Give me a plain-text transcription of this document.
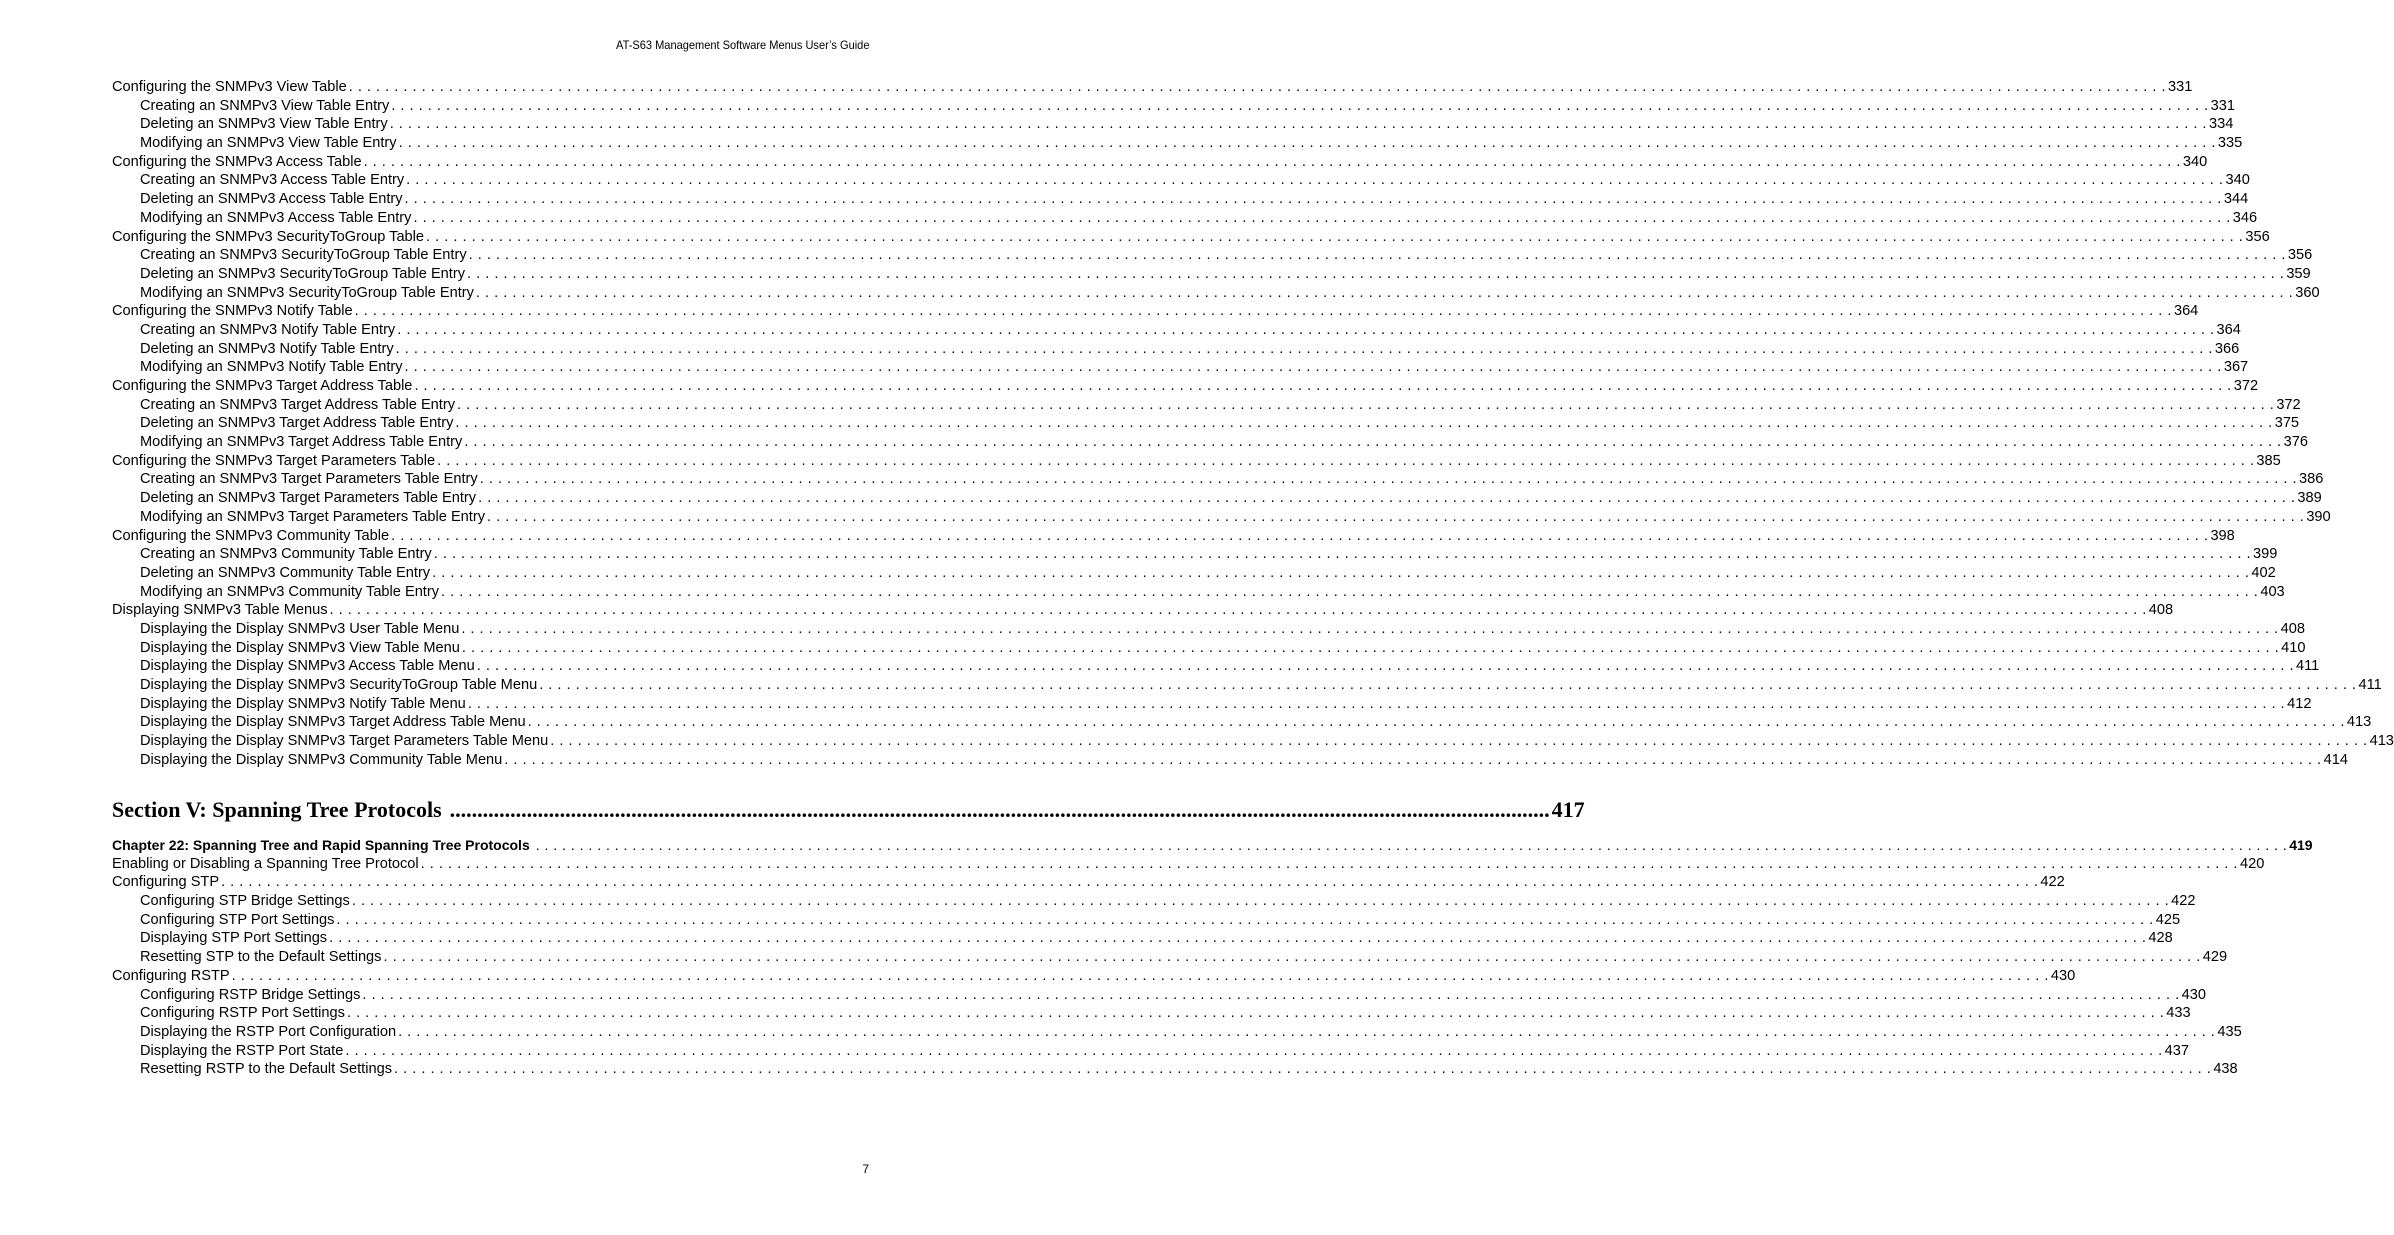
AT-S63 Management Software Menus User’s Guide
Configuring the SNMPv3 View Table . . . . . . . . . . . . . . . . . . . . . . . . . . . . . . . . . . . . . . . . . . . . . . . . . . . . . . . . . . . . . . . . . . . . . . . . . . . . . . . . . . . . . . . . . . . . . . . . . . . . . . . . . . . . . . . . . . . . . . . . . . . . . . . . . . . . . . . . . . . . . . . . . . . . . . . . . . . . . . . . . . . . . . . . . . . . . . . . . . . . . . . . . . . . . . . . . . . . . . . . 331
Creating an SNMPv3 View Table Entry . . . . . . . . . . . . . . . . . . . . . . . . . . . . . . . . . . . . . . . . . . . . . . . . . . . . . . . . . . . . . . . . . . . . . . . . . . . . . . . . . . . . . . . . . . . . . . . . . . . . . . . . . . . . . . . . . . . . . . . . . . . . . . . . . . . . . . . . . . . . . . . . . . . . . . . . . . . . . . . . . . . . . . . . . . . . . . . . . . . . . . . . . . . . . . . . . . . . . . . . 331
Deleting an SNMPv3 View Table Entry . . . . . . . . . . . . . . . . . . . . . . . . . . . . . . . . . . . . . . . . . . . . . . . . . . . . . . . . . . . . . . . . . . . . . . . . . . . . . . . . . . . . . . . . . . . . . . . . . . . . . . . . . . . . . . . . . . . . . . . . . . . . . . . . . . . . . . . . . . . . . . . . . . . . . . . . . . . . . . . . . . . . . . . . . . . . . . . . . . . . . . . . . . . . . . . . . . . . . . . . 334
Modifying an SNMPv3 View Table Entry . . . . . . . . . . . . . . . . . . . . . . . . . . . . . . . . . . . . . . . . . . . . . . . . . . . . . . . . . . . . . . . . . . . . . . . . . . . . . . . . . . . . . . . . . . . . . . . . . . . . . . . . . . . . . . . . . . . . . . . . . . . . . . . . . . . . . . . . . . . . . . . . . . . . . . . . . . . . . . . . . . . . . . . . . . . . . . . . . . . . . . . . . . . . . . . . . . . . . . . . 335
Configuring the SNMPv3 Access Table . . . . . . . . . . . . . . . . . . . . . . . . . . . . . . . . . . . . . . . . . . . . . . . . . . . . . . . . . . . . . . . . . . . . . . . . . . . . . . . . . . . . . . . . . . . . . . . . . . . . . . . . . . . . . . . . . . . . . . . . . . . . . . . . . . . . . . . . . . . . . . . . . . . . . . . . . . . . . . . . . . . . . . . . . . . . . . . . . . . . . . . . . . . . . . . . . . . . . . . . 340
Creating an SNMPv3 Access Table Entry . . . . . . . . . . . . . . . . . . . . . . . . . . . . . . . . . . . . . . . . . . . . . . . . . . . . . . . . . . . . . . . . . . . . . . . . . . . . . . . . . . . . . . . . . . . . . . . . . . . . . . . . . . . . . . . . . . . . . . . . . . . . . . . . . . . . . . . . . . . . . . . . . . . . . . . . . . . . . . . . . . . . . . . . . . . . . . . . . . . . . . . . . . . . . . . . . . . . . . . . 340
Deleting an SNMPv3 Access Table Entry . . . . . . . . . . . . . . . . . . . . . . . . . . . . . . . . . . . . . . . . . . . . . . . . . . . . . . . . . . . . . . . . . . . . . . . . . . . . . . . . . . . . . . . . . . . . . . . . . . . . . . . . . . . . . . . . . . . . . . . . . . . . . . . . . . . . . . . . . . . . . . . . . . . . . . . . . . . . . . . . . . . . . . . . . . . . . . . . . . . . . . . . . . . . . . . . . . . . . . . . 344
Modifying an SNMPv3 Access Table Entry . . . . . . . . . . . . . . . . . . . . . . . . . . . . . . . . . . . . . . . . . . . . . . . . . . . . . . . . . . . . . . . . . . . . . . . . . . . . . . . . . . . . . . . . . . . . . . . . . . . . . . . . . . . . . . . . . . . . . . . . . . . . . . . . . . . . . . . . . . . . . . . . . . . . . . . . . . . . . . . . . . . . . . . . . . . . . . . . . . . . . . . . . . . . . . . . . . . . . . . . 346
Configuring the SNMPv3 SecurityToGroup Table . . . . . . . . . . . . . . . . . . . . . . . . . . . . . . . . . . . . . . . . . . . . . . . . . . . . . . . . . . . . . . . . . . . . . . . . . . . . . . . . . . . . . . . . . . . . . . . . . . . . . . . . . . . . . . . . . . . . . . . . . . . . . . . . . . . . . . . . . . . . . . . . . . . . . . . . . . . . . . . . . . . . . . . . . . . . . . . . . . . . . . . . . . . . . . . . . . . . . . . . 356
Creating an SNMPv3 SecurityToGroup Table Entry . . . . . . . . . . . . . . . . . . . . . . . . . . . . . . . . . . . . . . . . . . . . . . . . . . . . . . . . . . . . . . . . . . . . . . . . . . . . . . . . . . . . . . . . . . . . . . . . . . . . . . . . . . . . . . . . . . . . . . . . . . . . . . . . . . . . . . . . . . . . . . . . . . . . . . . . . . . . . . . . . . . . . . . . . . . . . . . . . . . . . . . . . . . . . . . . . . . . . . . . 356
Deleting an SNMPv3 SecurityToGroup Table Entry . . . . . . . . . . . . . . . . . . . . . . . . . . . . . . . . . . . . . . . . . . . . . . . . . . . . . . . . . . . . . . . . . . . . . . . . . . . . . . . . . . . . . . . . . . . . . . . . . . . . . . . . . . . . . . . . . . . . . . . . . . . . . . . . . . . . . . . . . . . . . . . . . . . . . . . . . . . . . . . . . . . . . . . . . . . . . . . . . . . . . . . . . . . . . . . . . . . . . . . . 359
Modifying an SNMPv3 SecurityToGroup Table Entry . . . . . . . . . . . . . . . . . . . . . . . . . . . . . . . . . . . . . . . . . . . . . . . . . . . . . . . . . . . . . . . . . . . . . . . . . . . . . . . . . . . . . . . . . . . . . . . . . . . . . . . . . . . . . . . . . . . . . . . . . . . . . . . . . . . . . . . . . . . . . . . . . . . . . . . . . . . . . . . . . . . . . . . . . . . . . . . . . . . . . . . . . . . . . . . . . . . . . . . . 360
Configuring the SNMPv3 Notify Table . . . . . . . . . . . . . . . . . . . . . . . . . . . . . . . . . . . . . . . . . . . . . . . . . . . . . . . . . . . . . . . . . . . . . . . . . . . . . . . . . . . . . . . . . . . . . . . . . . . . . . . . . . . . . . . . . . . . . . . . . . . . . . . . . . . . . . . . . . . . . . . . . . . . . . . . . . . . . . . . . . . . . . . . . . . . . . . . . . . . . . . . . . . . . . . . . . . . . . . . 364
Creating an SNMPv3 Notify Table Entry . . . . . . . . . . . . . . . . . . . . . . . . . . . . . . . . . . . . . . . . . . . . . . . . . . . . . . . . . . . . . . . . . . . . . . . . . . . . . . . . . . . . . . . . . . . . . . . . . . . . . . . . . . . . . . . . . . . . . . . . . . . . . . . . . . . . . . . . . . . . . . . . . . . . . . . . . . . . . . . . . . . . . . . . . . . . . . . . . . . . . . . . . . . . . . . . . . . . . . . . 364
Deleting an SNMPv3 Notify Table Entry . . . . . . . . . . . . . . . . . . . . . . . . . . . . . . . . . . . . . . . . . . . . . . . . . . . . . . . . . . . . . . . . . . . . . . . . . . . . . . . . . . . . . . . . . . . . . . . . . . . . . . . . . . . . . . . . . . . . . . . . . . . . . . . . . . . . . . . . . . . . . . . . . . . . . . . . . . . . . . . . . . . . . . . . . . . . . . . . . . . . . . . . . . . . . . . . . . . . . . . . 366
Modifying an SNMPv3 Notify Table Entry . . . . . . . . . . . . . . . . . . . . . . . . . . . . . . . . . . . . . . . . . . . . . . . . . . . . . . . . . . . . . . . . . . . . . . . . . . . . . . . . . . . . . . . . . . . . . . . . . . . . . . . . . . . . . . . . . . . . . . . . . . . . . . . . . . . . . . . . . . . . . . . . . . . . . . . . . . . . . . . . . . . . . . . . . . . . . . . . . . . . . . . . . . . . . . . . . . . . . . . . 367
Configuring the SNMPv3 Target Address Table . . . . . . . . . . . . . . . . . . . . . . . . . . . . . . . . . . . . . . . . . . . . . . . . . . . . . . . . . . . . . . . . . . . . . . . . . . . . . . . . . . . . . . . . . . . . . . . . . . . . . . . . . . . . . . . . . . . . . . . . . . . . . . . . . . . . . . . . . . . . . . . . . . . . . . . . . . . . . . . . . . . . . . . . . . . . . . . . . . . . . . . . . . . . . . . . . . . . . . . . 372
Creating an SNMPv3 Target Address Table Entry . . . . . . . . . . . . . . . . . . . . . . . . . . . . . . . . . . . . . . . . . . . . . . . . . . . . . . . . . . . . . . . . . . . . . . . . . . . . . . . . . . . . . . . . . . . . . . . . . . . . . . . . . . . . . . . . . . . . . . . . . . . . . . . . . . . . . . . . . . . . . . . . . . . . . . . . . . . . . . . . . . . . . . . . . . . . . . . . . . . . . . . . . . . . . . . . . . . . . . . . 372
Deleting an SNMPv3 Target Address Table Entry . . . . . . . . . . . . . . . . . . . . . . . . . . . . . . . . . . . . . . . . . . . . . . . . . . . . . . . . . . . . . . . . . . . . . . . . . . . . . . . . . . . . . . . . . . . . . . . . . . . . . . . . . . . . . . . . . . . . . . . . . . . . . . . . . . . . . . . . . . . . . . . . . . . . . . . . . . . . . . . . . . . . . . . . . . . . . . . . . . . . . . . . . . . . . . . . . . . . . . . . 375
Modifying an SNMPv3 Target Address Table Entry . . . . . . . . . . . . . . . . . . . . . . . . . . . . . . . . . . . . . . . . . . . . . . . . . . . . . . . . . . . . . . . . . . . . . . . . . . . . . . . . . . . . . . . . . . . . . . . . . . . . . . . . . . . . . . . . . . . . . . . . . . . . . . . . . . . . . . . . . . . . . . . . . . . . . . . . . . . . . . . . . . . . . . . . . . . . . . . . . . . . . . . . . . . . . . . . . . . . . . . . 376
Configuring the SNMPv3 Target Parameters Table . . . . . . . . . . . . . . . . . . . . . . . . . . . . . . . . . . . . . . . . . . . . . . . . . . . . . . . . . . . . . . . . . . . . . . . . . . . . . . . . . . . . . . . . . . . . . . . . . . . . . . . . . . . . . . . . . . . . . . . . . . . . . . . . . . . . . . . . . . . . . . . . . . . . . . . . . . . . . . . . . . . . . . . . . . . . . . . . . . . . . . . . . . . . . . . . . . . . . . . . 385
Creating an SNMPv3 Target Parameters Table Entry . . . . . . . . . . . . . . . . . . . . . . . . . . . . . . . . . . . . . . . . . . . . . . . . . . . . . . . . . . . . . . . . . . . . . . . . . . . . . . . . . . . . . . . . . . . . . . . . . . . . . . . . . . . . . . . . . . . . . . . . . . . . . . . . . . . . . . . . . . . . . . . . . . . . . . . . . . . . . . . . . . . . . . . . . . . . . . . . . . . . . . . . . . . . . . . . . . . . . . . . 386
Deleting an SNMPv3 Target Parameters Table Entry . . . . . . . . . . . . . . . . . . . . . . . . . . . . . . . . . . . . . . . . . . . . . . . . . . . . . . . . . . . . . . . . . . . . . . . . . . . . . . . . . . . . . . . . . . . . . . . . . . . . . . . . . . . . . . . . . . . . . . . . . . . . . . . . . . . . . . . . . . . . . . . . . . . . . . . . . . . . . . . . . . . . . . . . . . . . . . . . . . . . . . . . . . . . . . . . . . . . . . . . 389
Modifying an SNMPv3 Target Parameters Table Entry . . . . . . . . . . . . . . . . . . . . . . . . . . . . . . . . . . . . . . . . . . . . . . . . . . . . . . . . . . . . . . . . . . . . . . . . . . . . . . . . . . . . . . . . . . . . . . . . . . . . . . . . . . . . . . . . . . . . . . . . . . . . . . . . . . . . . . . . . . . . . . . . . . . . . . . . . . . . . . . . . . . . . . . . . . . . . . . . . . . . . . . . . . . . . . . . . . . . . . . . 390
Configuring the SNMPv3 Community Table . . . . . . . . . . . . . . . . . . . . . . . . . . . . . . . . . . . . . . . . . . . . . . . . . . . . . . . . . . . . . . . . . . . . . . . . . . . . . . . . . . . . . . . . . . . . . . . . . . . . . . . . . . . . . . . . . . . . . . . . . . . . . . . . . . . . . . . . . . . . . . . . . . . . . . . . . . . . . . . . . . . . . . . . . . . . . . . . . . . . . . . . . . . . . . . . . . . . . . . . 398
Creating an SNMPv3 Community Table Entry . . . . . . . . . . . . . . . . . . . . . . . . . . . . . . . . . . . . . . . . . . . . . . . . . . . . . . . . . . . . . . . . . . . . . . . . . . . . . . . . . . . . . . . . . . . . . . . . . . . . . . . . . . . . . . . . . . . . . . . . . . . . . . . . . . . . . . . . . . . . . . . . . . . . . . . . . . . . . . . . . . . . . . . . . . . . . . . . . . . . . . . . . . . . . . . . . . . . . . . . 399
Deleting an SNMPv3 Community Table Entry . . . . . . . . . . . . . . . . . . . . . . . . . . . . . . . . . . . . . . . . . . . . . . . . . . . . . . . . . . . . . . . . . . . . . . . . . . . . . . . . . . . . . . . . . . . . . . . . . . . . . . . . . . . . . . . . . . . . . . . . . . . . . . . . . . . . . . . . . . . . . . . . . . . . . . . . . . . . . . . . . . . . . . . . . . . . . . . . . . . . . . . . . . . . . . . . . . . . . . . . 402
Modifying an SNMPv3 Community Table Entry . . . . . . . . . . . . . . . . . . . . . . . . . . . . . . . . . . . . . . . . . . . . . . . . . . . . . . . . . . . . . . . . . . . . . . . . . . . . . . . . . . . . . . . . . . . . . . . . . . . . . . . . . . . . . . . . . . . . . . . . . . . . . . . . . . . . . . . . . . . . . . . . . . . . . . . . . . . . . . . . . . . . . . . . . . . . . . . . . . . . . . . . . . . . . . . . . . . . . . . . 403
Displaying SNMPv3 Table Menus . . . . . . . . . . . . . . . . . . . . . . . . . . . . . . . . . . . . . . . . . . . . . . . . . . . . . . . . . . . . . . . . . . . . . . . . . . . . . . . . . . . . . . . . . . . . . . . . . . . . . . . . . . . . . . . . . . . . . . . . . . . . . . . . . . . . . . . . . . . . . . . . . . . . . . . . . . . . . . . . . . . . . . . . . . . . . . . . . . . . . . . . . . . . . . . . . . . . . . . . 408
Displaying the Display SNMPv3 User Table Menu . . . . . . . . . . . . . . . . . . . . . . . . . . . . . . . . . . . . . . . . . . . . . . . . . . . . . . . . . . . . . . . . . . . . . . . . . . . . . . . . . . . . . . . . . . . . . . . . . . . . . . . . . . . . . . . . . . . . . . . . . . . . . . . . . . . . . . . . . . . . . . . . . . . . . . . . . . . . . . . . . . . . . . . . . . . . . . . . . . . . . . . . . . . . . . . . . . . . . . . . 408
Displaying the Display SNMPv3 View Table Menu . . . . . . . . . . . . . . . . . . . . . . . . . . . . . . . . . . . . . . . . . . . . . . . . . . . . . . . . . . . . . . . . . . . . . . . . . . . . . . . . . . . . . . . . . . . . . . . . . . . . . . . . . . . . . . . . . . . . . . . . . . . . . . . . . . . . . . . . . . . . . . . . . . . . . . . . . . . . . . . . . . . . . . . . . . . . . . . . . . . . . . . . . . . . . . . . . . . . . . . . 410
Displaying the Display SNMPv3 Access Table Menu . . . . . . . . . . . . . . . . . . . . . . . . . . . . . . . . . . . . . . . . . . . . . . . . . . . . . . . . . . . . . . . . . . . . . . . . . . . . . . . . . . . . . . . . . . . . . . . . . . . . . . . . . . . . . . . . . . . . . . . . . . . . . . . . . . . . . . . . . . . . . . . . . . . . . . . . . . . . . . . . . . . . . . . . . . . . . . . . . . . . . . . . . . . . . . . . . . . . . . . . 411
Displaying the Display SNMPv3 SecurityToGroup Table Menu . . . . . . . . . . . . . . . . . . . . . . . . . . . . . . . . . . . . . . . . . . . . . . . . . . . . . . . . . . . . . . . . . . . . . . . . . . . . . . . . . . . . . . . . . . . . . . . . . . . . . . . . . . . . . . . . . . . . . . . . . . . . . . . . . . . . . . . . . . . . . . . . . . . . . . . . . . . . . . . . . . . . . . . . . . . . . . . . . . . . . . . . . . . . . . . . . . . . . . . . 411
Displaying the Display SNMPv3 Notify Table Menu . . . . . . . . . . . . . . . . . . . . . . . . . . . . . . . . . . . . . . . . . . . . . . . . . . . . . . . . . . . . . . . . . . . . . . . . . . . . . . . . . . . . . . . . . . . . . . . . . . . . . . . . . . . . . . . . . . . . . . . . . . . . . . . . . . . . . . . . . . . . . . . . . . . . . . . . . . . . . . . . . . . . . . . . . . . . . . . . . . . . . . . . . . . . . . . . . . . . . . . . 412
Displaying the Display SNMPv3 Target Address Table Menu . . . . . . . . . . . . . . . . . . . . . . . . . . . . . . . . . . . . . . . . . . . . . . . . . . . . . . . . . . . . . . . . . . . . . . . . . . . . . . . . . . . . . . . . . . . . . . . . . . . . . . . . . . . . . . . . . . . . . . . . . . . . . . . . . . . . . . . . . . . . . . . . . . . . . . . . . . . . . . . . . . . . . . . . . . . . . . . . . . . . . . . . . . . . . . . . . . . . . . . . 413
Displaying the Display SNMPv3 Target Parameters Table Menu . . . . . . . . . . . . . . . . . . . . . . . . . . . . . . . . . . . . . . . . . . . . . . . . . . . . . . . . . . . . . . . . . . . . . . . . . . . . . . . . . . . . . . . . . . . . . . . . . . . . . . . . . . . . . . . . . . . . . . . . . . . . . . . . . . . . . . . . . . . . . . . . . . . . . . . . . . . . . . . . . . . . . . . . . . . . . . . . . . . . . . . . . . . . . . . . . . . . . . . . 413
Displaying the Display SNMPv3 Community Table Menu . . . . . . . . . . . . . . . . . . . . . . . . . . . . . . . . . . . . . . . . . . . . . . . . . . . . . . . . . . . . . . . . . . . . . . . . . . . . . . . . . . . . . . . . . . . . . . . . . . . . . . . . . . . . . . . . . . . . . . . . . . . . . . . . . . . . . . . . . . . . . . . . . . . . . . . . . . . . . . . . . . . . . . . . . . . . . . . . . . . . . . . . . . . . . . . . . . . . . . . . 414
Section V: Spanning Tree Protocols ........................................................................................................................................................................................................ 417
Chapter 22: Spanning Tree and Rapid Spanning Tree Protocols . . . . . . . . . . . . . . . . . . . . . . . . . . . . . . . . . . . . . . . . . . . . . . . . . . . . . . . . . . . . . . . . . . . . . . . . . . . . . . . . . . . . . . . . . . . . . . . . . . . . . . . . . . . . . . . . . . . . . . . . . . . . . . . . . . . . . . . . . . . . . . . . . . . . . . . . . . . . . . . . . . . . . . . . . . . . . . . . . . . . . . . . . . . . . . . . . . . . . . . . 419
Enabling or Disabling a Spanning Tree Protocol . . . . . . . . . . . . . . . . . . . . . . . . . . . . . . . . . . . . . . . . . . . . . . . . . . . . . . . . . . . . . . . . . . . . . . . . . . . . . . . . . . . . . . . . . . . . . . . . . . . . . . . . . . . . . . . . . . . . . . . . . . . . . . . . . . . . . . . . . . . . . . . . . . . . . . . . . . . . . . . . . . . . . . . . . . . . . . . . . . . . . . . . . . . . . . . . . . . . . . . . 420
Configuring STP . . . . . . . . . . . . . . . . . . . . . . . . . . . . . . . . . . . . . . . . . . . . . . . . . . . . . . . . . . . . . . . . . . . . . . . . . . . . . . . . . . . . . . . . . . . . . . . . . . . . . . . . . . . . . . . . . . . . . . . . . . . . . . . . . . . . . . . . . . . . . . . . . . . . . . . . . . . . . . . . . . . . . . . . . . . . . . . . . . . . . . . . . . . . . . . . . . . . . . . . 422
Configuring STP Bridge Settings . . . . . . . . . . . . . . . . . . . . . . . . . . . . . . . . . . . . . . . . . . . . . . . . . . . . . . . . . . . . . . . . . . . . . . . . . . . . . . . . . . . . . . . . . . . . . . . . . . . . . . . . . . . . . . . . . . . . . . . . . . . . . . . . . . . . . . . . . . . . . . . . . . . . . . . . . . . . . . . . . . . . . . . . . . . . . . . . . . . . . . . . . . . . . . . . . . . . . . . . 422
Configuring STP Port Settings . . . . . . . . . . . . . . . . . . . . . . . . . . . . . . . . . . . . . . . . . . . . . . . . . . . . . . . . . . . . . . . . . . . . . . . . . . . . . . . . . . . . . . . . . . . . . . . . . . . . . . . . . . . . . . . . . . . . . . . . . . . . . . . . . . . . . . . . . . . . . . . . . . . . . . . . . . . . . . . . . . . . . . . . . . . . . . . . . . . . . . . . . . . . . . . . . . . . . . . . 425
Displaying STP Port Settings . . . . . . . . . . . . . . . . . . . . . . . . . . . . . . . . . . . . . . . . . . . . . . . . . . . . . . . . . . . . . . . . . . . . . . . . . . . . . . . . . . . . . . . . . . . . . . . . . . . . . . . . . . . . . . . . . . . . . . . . . . . . . . . . . . . . . . . . . . . . . . . . . . . . . . . . . . . . . . . . . . . . . . . . . . . . . . . . . . . . . . . . . . . . . . . . . . . . . . . . 428
Resetting STP to the Default Settings . . . . . . . . . . . . . . . . . . . . . . . . . . . . . . . . . . . . . . . . . . . . . . . . . . . . . . . . . . . . . . . . . . . . . . . . . . . . . . . . . . . . . . . . . . . . . . . . . . . . . . . . . . . . . . . . . . . . . . . . . . . . . . . . . . . . . . . . . . . . . . . . . . . . . . . . . . . . . . . . . . . . . . . . . . . . . . . . . . . . . . . . . . . . . . . . . . . . . . . . 429
Configuring RSTP . . . . . . . . . . . . . . . . . . . . . . . . . . . . . . . . . . . . . . . . . . . . . . . . . . . . . . . . . . . . . . . . . . . . . . . . . . . . . . . . . . . . . . . . . . . . . . . . . . . . . . . . . . . . . . . . . . . . . . . . . . . . . . . . . . . . . . . . . . . . . . . . . . . . . . . . . . . . . . . . . . . . . . . . . . . . . . . . . . . . . . . . . . . . . . . . . . . . . . . . 430
Configuring RSTP Bridge Settings . . . . . . . . . . . . . . . . . . . . . . . . . . . . . . . . . . . . . . . . . . . . . . . . . . . . . . . . . . . . . . . . . . . . . . . . . . . . . . . . . . . . . . . . . . . . . . . . . . . . . . . . . . . . . . . . . . . . . . . . . . . . . . . . . . . . . . . . . . . . . . . . . . . . . . . . . . . . . . . . . . . . . . . . . . . . . . . . . . . . . . . . . . . . . . . . . . . . . . . . 430
Configuring RSTP Port Settings . . . . . . . . . . . . . . . . . . . . . . . . . . . . . . . . . . . . . . . . . . . . . . . . . . . . . . . . . . . . . . . . . . . . . . . . . . . . . . . . . . . . . . . . . . . . . . . . . . . . . . . . . . . . . . . . . . . . . . . . . . . . . . . . . . . . . . . . . . . . . . . . . . . . . . . . . . . . . . . . . . . . . . . . . . . . . . . . . . . . . . . . . . . . . . . . . . . . . . . . 433
Displaying the RSTP Port Configuration . . . . . . . . . . . . . . . . . . . . . . . . . . . . . . . . . . . . . . . . . . . . . . . . . . . . . . . . . . . . . . . . . . . . . . . . . . . . . . . . . . . . . . . . . . . . . . . . . . . . . . . . . . . . . . . . . . . . . . . . . . . . . . . . . . . . . . . . . . . . . . . . . . . . . . . . . . . . . . . . . . . . . . . . . . . . . . . . . . . . . . . . . . . . . . . . . . . . . . . . 435
Displaying the RSTP Port State . . . . . . . . . . . . . . . . . . . . . . . . . . . . . . . . . . . . . . . . . . . . . . . . . . . . . . . . . . . . . . . . . . . . . . . . . . . . . . . . . . . . . . . . . . . . . . . . . . . . . . . . . . . . . . . . . . . . . . . . . . . . . . . . . . . . . . . . . . . . . . . . . . . . . . . . . . . . . . . . . . . . . . . . . . . . . . . . . . . . . . . . . . . . . . . . . . . . . . . . 437
Resetting RSTP to the Default Settings . . . . . . . . . . . . . . . . . . . . . . . . . . . . . . . . . . . . . . . . . . . . . . . . . . . . . . . . . . . . . . . . . . . . . . . . . . . . . . . . . . . . . . . . . . . . . . . . . . . . . . . . . . . . . . . . . . . . . . . . . . . . . . . . . . . . . . . . . . . . . . . . . . . . . . . . . . . . . . . . . . . . . . . . . . . . . . . . . . . . . . . . . . . . . . . . . . . . . . . . 438
7
